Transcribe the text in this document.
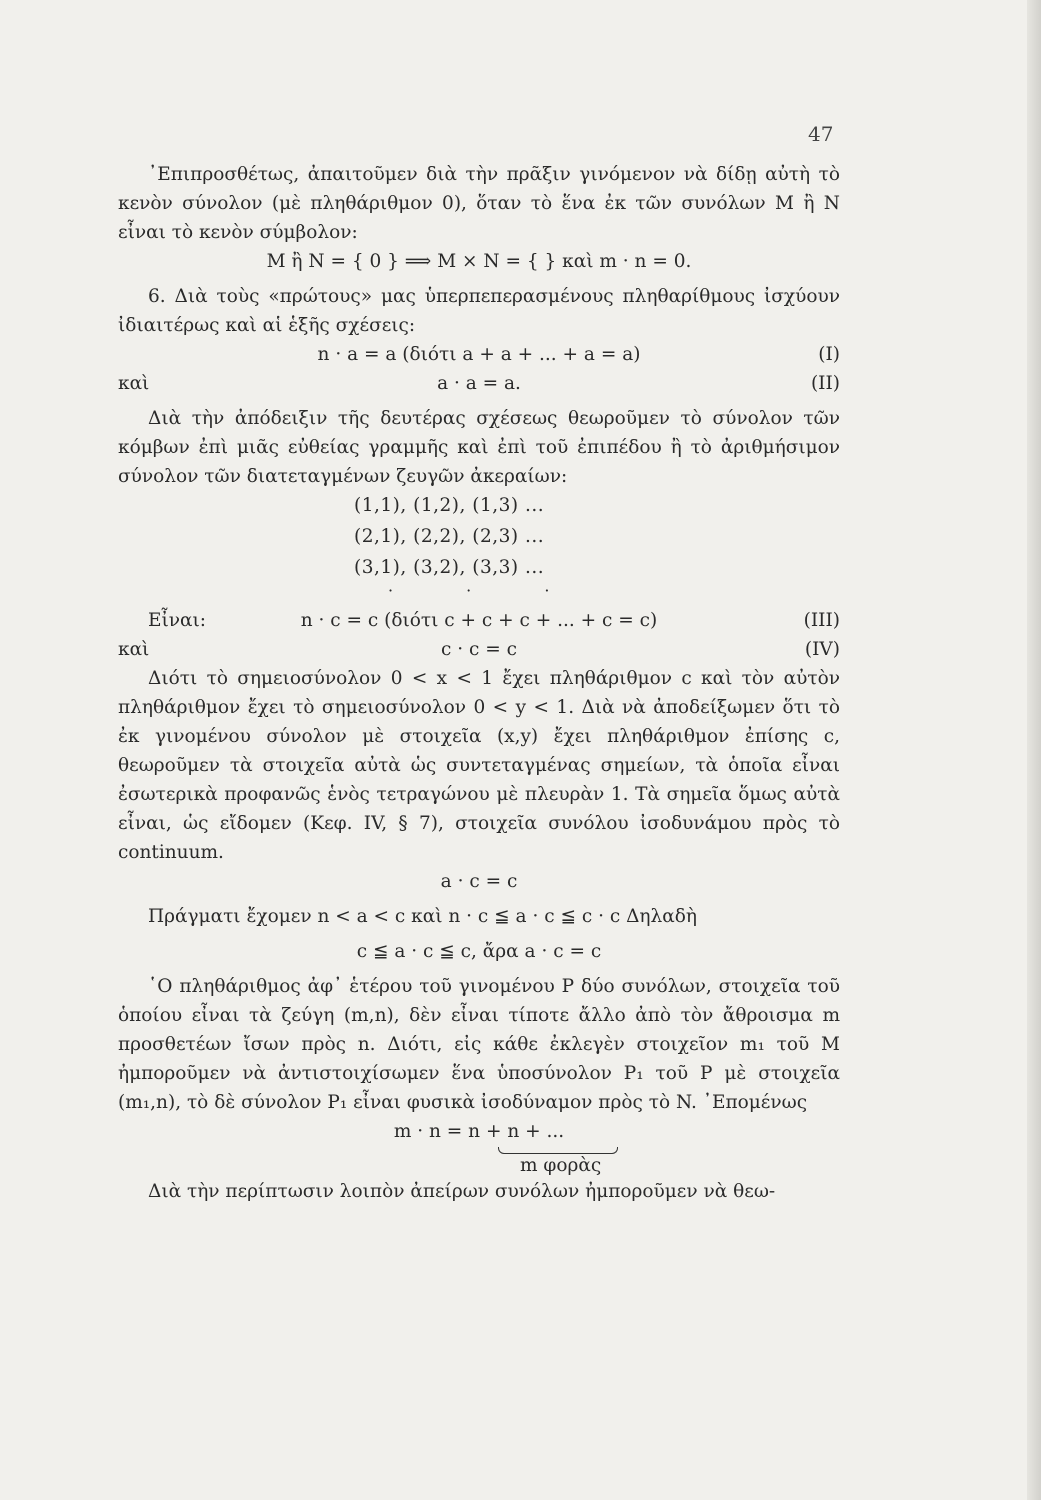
47

᾿Επιπροσθέτως, ἀπαιτοῦμεν διὰ τὴν πρᾶξιν γινόμενον νὰ δίδῃ αὐτὴ τὸ κενὸν σύνολον (μὲ πληθάριθμον 0), ὅταν τὸ ἕνα ἐκ τῶν συνόλων M ἢ N εἶναι τὸ κενὸν σύμβολον:

M ἢ N = { 0 } ⟹ M × N = { } καὶ m · n = 0.

6. Διὰ τοὺς «πρώτους» μας ὑπερπεπερασμένους πληθαρίθμους ἰσχύουν ἰδιαιτέρως καὶ αἱ ἑξῆς σχέσεις:

n · a = a (διότι a + a + ... + a = a)	(I)
καὶ	a · a = a.	(II)

Διὰ τὴν ἀπόδειξιν τῆς δευτέρας σχέσεως θεωροῦμεν τὸ σύνολον τῶν κόμβων ἐπὶ μιᾶς εὐθείας γραμμῆς καὶ ἐπὶ τοῦ ἐπιπέδου ἢ τὸ ἀριθμήσιμον σύνολον τῶν διατεταγμένων ζευγῶν ἀκεραίων:

(1,1), (1,2), (1,3) ...
(2,1), (2,2), (2,3) ...
(3,1), (3,2), (3,3) ...
· · ·
Εἶναι:	n · c = c (διότι c + c + c + ... + c = c)	(III)
καὶ	c · c = c	(IV)

Διότι τὸ σημειοσύνολον 0 < x < 1 ἔχει πληθάριθμον c καὶ τὸν αὐτὸν πληθάριθμον ἔχει τὸ σημειοσύνολον 0 < y < 1. Διὰ νὰ ἀποδείξωμεν ὅτι τὸ ἐκ γινομένου σύνολον μὲ στοιχεῖα (x,y) ἔχει πληθάριθμον ἐπίσης c, θεωροῦμεν τὰ στοιχεῖα αὐτὰ ὡς συντεταγμένας σημείων, τὰ ὁποῖα εἶναι ἐσωτερικὰ προφανῶς ἑνὸς τετραγώνου μὲ πλευρὰν 1. Τὰ σημεῖα ὅμως αὐτὰ εἶναι, ὡς εἴδομεν (Κεφ. IV, § 7), στοιχεῖα συνόλου ἰσοδυνάμου πρὸς τὸ continuum.

a · c = c

Πράγματι ἔχομεν n < a < c καὶ n · c ≦ a · c ≦ c · c Δηλαδὴ

c ≦ a · c ≦ c, ἄρα a · c = c

῾Ο πληθάριθμος ἀφ᾿ ἑτέρου τοῦ γινομένου P δύο συνόλων, στοιχεῖα τοῦ ὁποίου εἶναι τὰ ζεύγη (m,n), δὲν εἶναι τίποτε ἄλλο ἀπὸ τὸν ἄθροισμα m προσθετέων ἴσων πρὸς n. Διότι, εἰς κάθε ἐκλεγὲν στοιχεῖον m₁ τοῦ M ἠμποροῦμεν νὰ ἀντιστοιχίσωμεν ἕνα ὑποσύνολον P₁ τοῦ P μὲ στοιχεῖα (m₁,n), τὸ δὲ σύνολον P₁ εἶναι φυσικὰ ἰσοδύναμον πρὸς τὸ N. ᾿Επομένως

m · n = n + n + ...
m φορὰς

Διὰ τὴν περίπτωσιν λοιπὸν ἀπείρων συνόλων ἠμποροῦμεν νὰ θεω-
